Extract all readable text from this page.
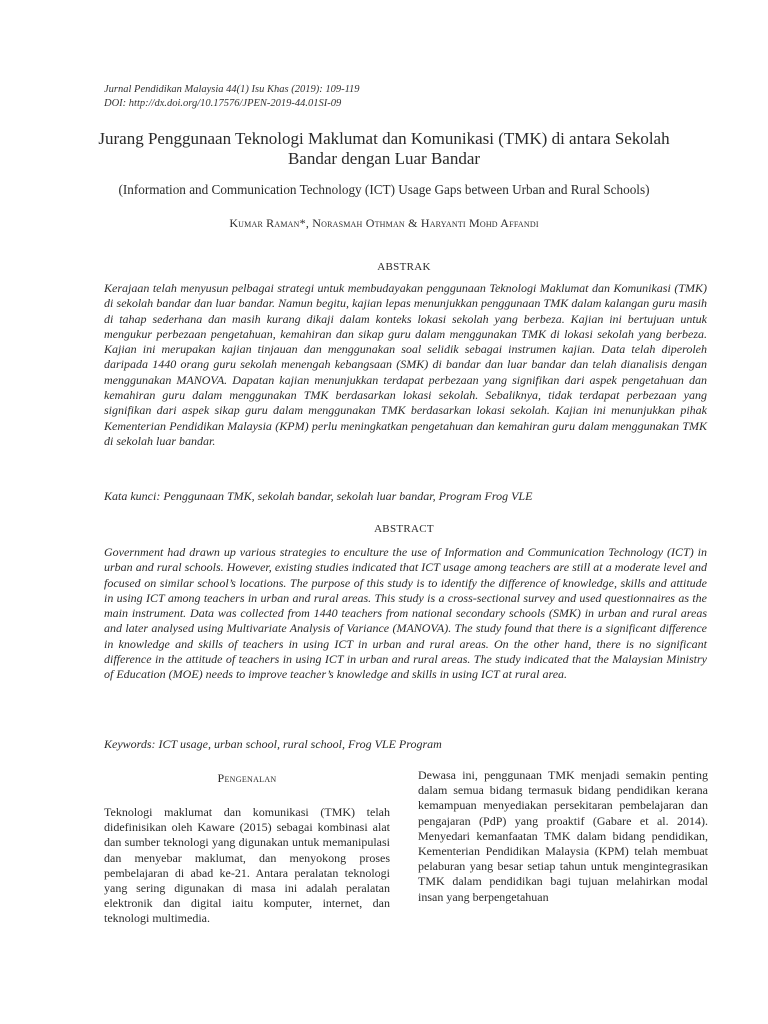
Jurnal Pendidikan Malaysia 44(1) Isu Khas (2019): 109-119
DOI: http://dx.doi.org/10.17576/JPEN-2019-44.01SI-09

Jurang Penggunaan Teknologi Maklumat dan Komunikasi (TMK) di antara Sekolah Bandar dengan Luar Bandar

(Information and Communication Technology (ICT) Usage Gaps between Urban and Rural Schools)

Kumar Raman*, Norasmah Othman & Haryanti Mohd Affandi

ABSTRAK

Kerajaan telah menyusun pelbagai strategi untuk membudayakan penggunaan Teknologi Maklumat dan Komunikasi (TMK) di sekolah bandar dan luar bandar. Namun begitu, kajian lepas menunjukkan penggunaan TMK dalam kalangan guru masih di tahap sederhana dan masih kurang dikaji dalam konteks lokasi sekolah yang berbeza. Kajian ini bertujuan untuk mengukur perbezaan pengetahuan, kemahiran dan sikap guru dalam menggunakan TMK di lokasi sekolah yang berbeza. Kajian ini merupakan kajian tinjauan dan menggunakan soal selidik sebagai instrumen kajian. Data telah diperoleh daripada 1440 orang guru sekolah menengah kebangsaan (SMK) di bandar dan luar bandar dan telah dianalisis dengan menggunakan MANOVA. Dapatan kajian menunjukkan terdapat perbezaan yang signifikan dari aspek pengetahuan dan kemahiran guru dalam menggunakan TMK berdasarkan lokasi sekolah. Sebaliknya, tidak terdapat perbezaan yang signifikan dari aspek sikap guru dalam menggunakan TMK berdasarkan lokasi sekolah. Kajian ini menunjukkan pihak Kementerian Pendidikan Malaysia (KPM) perlu meningkatkan pengetahuan dan kemahiran guru dalam menggunakan TMK di sekolah luar bandar.

Kata kunci: Penggunaan TMK, sekolah bandar, sekolah luar bandar, Program Frog VLE

ABSTRACT

Government had drawn up various strategies to enculture the use of Information and Communication Technology (ICT) in urban and rural schools. However, existing studies indicated that ICT usage among teachers are still at a moderate level and focused on similar school’s locations. The purpose of this study is to identify the difference of knowledge, skills and attitude in using ICT among teachers in urban and rural areas. This study is a cross-sectional survey and used questionnaires as the main instrument. Data was collected from 1440 teachers from national secondary schools (SMK) in urban and rural areas and later analysed using Multivariate Analysis of Variance (MANOVA). The study found that there is a significant difference in knowledge and skills of teachers in using ICT in urban and rural areas. On the other hand, there is no significant difference in the attitude of teachers in using ICT in urban and rural areas. The study indicated that the Malaysian Ministry of Education (MOE) needs to improve teacher’s knowledge and skills in using ICT at rural area.

Keywords: ICT usage, urban school, rural school, Frog VLE Program

Pengenalan

Teknologi maklumat dan komunikasi (TMK) telah didefinisikan oleh Kaware (2015) sebagai kombinasi alat dan sumber teknologi yang digunakan untuk memanipulasi dan menyebar maklumat, dan menyokong proses pembelajaran di abad ke-21. Antara peralatan teknologi yang sering digunakan di masa ini adalah peralatan elektronik dan digital iaitu komputer, internet, dan teknologi multimedia.

Dewasa ini, penggunaan TMK menjadi semakin penting dalam semua bidang termasuk bidang pendidikan kerana kemampuan menyediakan persekitaran pembelajaran dan pengajaran (PdP) yang proaktif (Gabare et al. 2014). Menyedari kemanfaatan TMK dalam bidang pendidikan, Kementerian Pendidikan Malaysia (KPM) telah membuat pelaburan yang besar setiap tahun untuk mengintegrasikan TMK dalam pendidikan bagi tujuan melahirkan modal insan yang berpengetahuan
